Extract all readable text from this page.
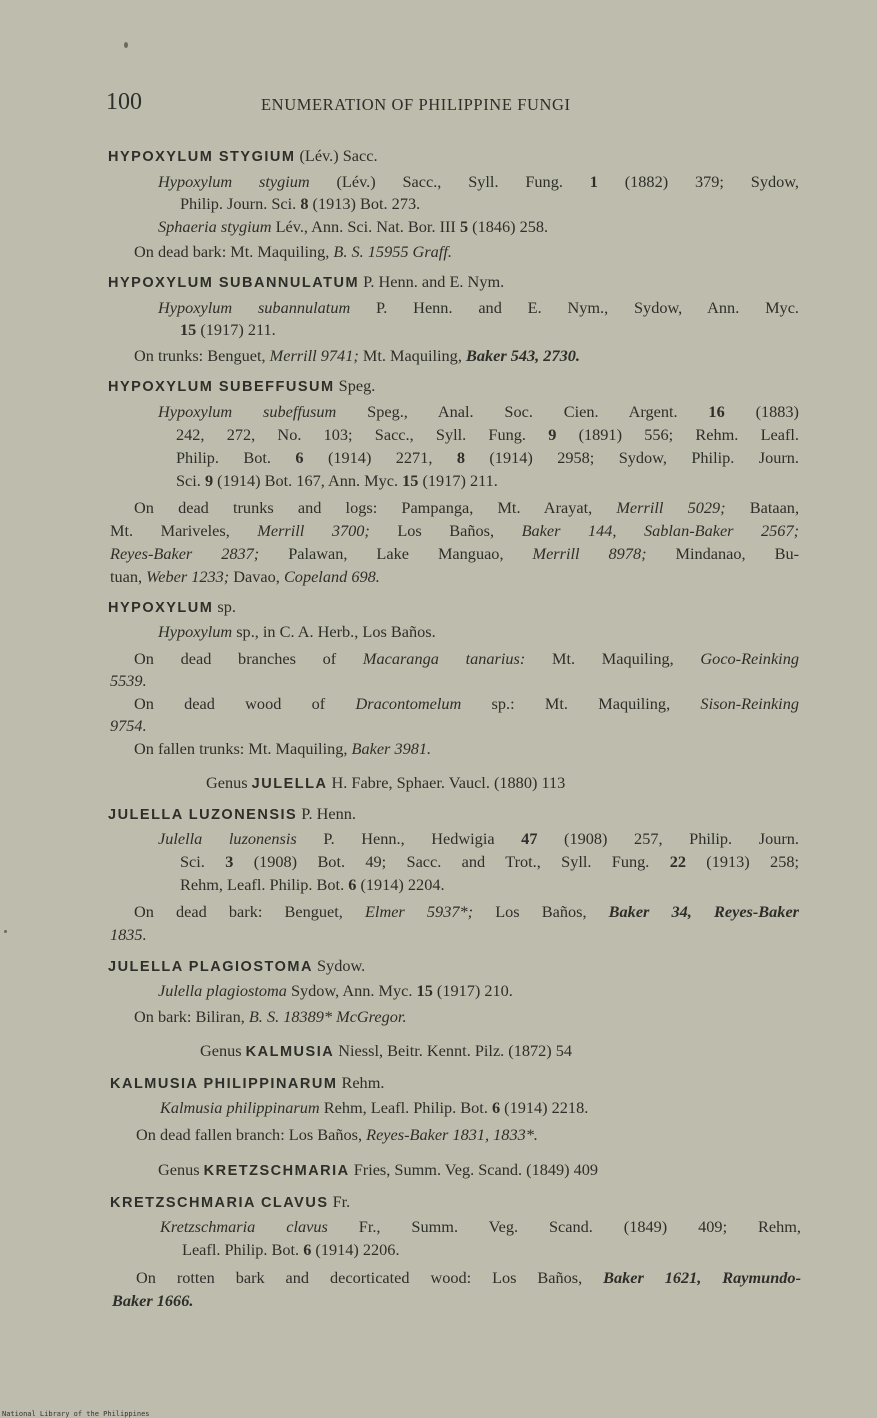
100	ENUMERATION OF PHILIPPINE FUNGI
HYPOXYLUM STYGIUM (Lév.) Sacc.
Hypoxylum stygium (Lév.) Sacc., Syll. Fung. 1 (1882) 379; Sydow,
Philip. Journ. Sci. 8 (1913) Bot. 273.
Sphaeria stygium Lév., Ann. Sci. Nat. Bor. III 5 (1846) 258.
On dead bark: Mt. Maquiling, B. S. 15955 Graff.
HYPOXYLUM SUBANNULATUM P. Henn. and E. Nym.
Hypoxylum subannulatum P. Henn. and E. Nym., Sydow, Ann. Myc.
15 (1917) 211.
On trunks: Benguet, Merrill 9741; Mt. Maquiling, Baker 543, 2730.
HYPOXYLUM SUBEFFUSUM Speg.
Hypoxylum subeffusum Speg., Anal. Soc. Cien. Argent. 16 (1883)
242, 272, No. 103; Sacc., Syll. Fung. 9 (1891) 556; Rehm. Leafl.
Philip. Bot. 6 (1914) 2271, 8 (1914) 2958; Sydow, Philip. Journ.
Sci. 9 (1914) Bot. 167, Ann. Myc. 15 (1917) 211.
On dead trunks and logs: Pampanga, Mt. Arayat, Merrill 5029; Bataan,
Mt. Mariveles, Merrill 3700; Los Baños, Baker 144, Sablan-Baker 2567;
Reyes-Baker 2837; Palawan, Lake Manguao, Merrill 8978; Mindanao, Bu-
tuan, Weber 1233; Davao, Copeland 698.
HYPOXYLUM sp.
Hypoxylum sp., in C. A. Herb., Los Baños.
On dead branches of Macaranga tanarius: Mt. Maquiling, Goco-Reinking
5539.
On dead wood of Dracontomelum sp.: Mt. Maquiling, Sison-Reinking
9754.
On fallen trunks: Mt. Maquiling, Baker 3981.
Genus JULELLA H. Fabre, Sphaer. Vaucl. (1880) 113
JULELLA LUZONENSIS P. Henn.
Julella luzonensis P. Henn., Hedwigia 47 (1908) 257, Philip. Journ.
Sci. 3 (1908) Bot. 49; Sacc. and Trot., Syll. Fung. 22 (1913) 258;
Rehm, Leafl. Philip. Bot. 6 (1914) 2204.
On dead bark: Benguet, Elmer 5937*; Los Baños, Baker 34, Reyes-Baker
1835.
JULELLA PLAGIOSTOMA Sydow.
Julella plagiostoma Sydow, Ann. Myc. 15 (1917) 210.
On bark: Biliran, B. S. 18389* McGregor.
Genus KALMUSIA Niessl, Beitr. Kennt. Pilz. (1872) 54
KALMUSIA PHILIPPINARUM Rehm.
Kalmusia philippinarum Rehm, Leafl. Philip. Bot. 6 (1914) 2218.
On dead fallen branch: Los Baños, Reyes-Baker 1831, 1833*.
Genus KRETZSCHMARIA Fries, Summ. Veg. Scand. (1849) 409
KRETZSCHMARIA CLAVUS Fr.
Kretzschmaria clavus Fr., Summ. Veg. Scand. (1849) 409; Rehm,
Leafl. Philip. Bot. 6 (1914) 2206.
On rotten bark and decorticated wood: Los Baños, Baker 1621, Raymundo-
Baker 1666.
National Library of the Philippines
